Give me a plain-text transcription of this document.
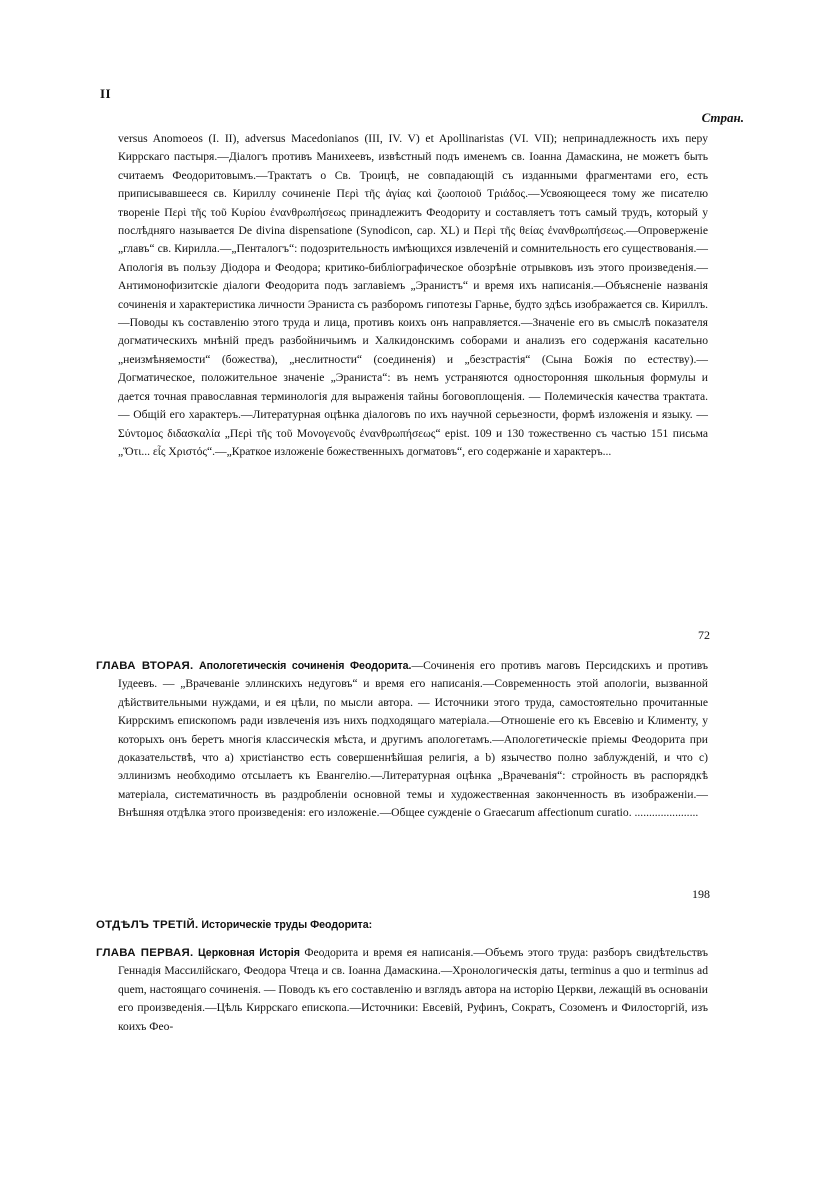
II
Стран.

versus Anomoeos (I. II), adversus Macedonianos (III, IV. V) et Apollinaristas (VI. VII); непринадлежность ихъ перу Киррскаго пастыря.—Діалогъ противъ Манихеевъ, извѣстный подъ именемъ св. Іоанна Дамаскина, не можетъ быть считаемъ Феодоритовымъ.—Трактатъ о Св. Троицѣ, не совпадающій съ изданными фрагментами его, есть приписывавшееся св. Кириллу сочиненіе Περὶ τῆς ἁγίας καὶ ζωοποιοῦ Τριάδος.—Усвояющееся тому же писателю твореніе Περὶ τῆς τοῦ Κυρίου ἐνανθρωπήσεως принадлежитъ Феодориту и составляетъ тотъ самый трудъ, который у послѣдняго называется De divina dispensatione (Synodicon, cap. XL) и Περὶ τῆς θείας ἐνανθρωπήσεως.—Опроверженіе „главъ“ св. Кирилла.—„Пенталогъ“: подозрительность имѣющихся извлеченій и сомнительность его существованія.—Апологія въ пользу Діодора и Феодора; критико-библіографическое обозрѣніе отрывковъ изъ этого произведенія.—Антимонофизитскіе діалоги Феодорита подъ заглавіемъ „Эранистъ“ и время ихъ написанія.—Объясненіе названія сочиненія и характеристика личности Эраниста съ разборомъ гипотезы Гарнье, будто здѣсь изображается св. Кириллъ.—Поводы къ составленію этого труда и лица, противъ коихъ онъ направляется.—Значеніе его въ смыслѣ показателя догматическихъ мнѣній предъ разбойничьимъ и Халкидонскимъ соборами и анализъ его содержанія касательно „неизмѣняемости“ (божества), „неслитности“ (соединенія) и „безстрастія“ (Сына Божія по естеству).—Догматическое, положительное значеніе „Эраниста“: въ немъ устраняются односторонняя школьныя формулы и дается точная православная терминологія для выраженія тайны боговоплощенія. — Полемическія качества трактата. — Общій его характеръ.—Литературная оцѣнка діалоговъ по ихъ научной серьезности, формѣ изложенія и языку. — Σύντομος διδασκαλία „Περὶ τῆς τοῦ Μονογενοῦς ἐνανθρωπήσεως“ epist. 109 и 130 тожественно съ частью 151 письма „Ὅτι... εἷς Χριστός“.—„Краткое изложеніе божественныхъ догматовъ“, его содержаніе и характеръ...

72

ГЛАВА ВТОРАЯ. Апологетическія сочиненія Феодорита.—Сочиненія его противъ маговъ Персидскихъ и противъ Іудеевъ. — „Врачеваніе эллинскихъ недуговъ“ и время его написанія.—Современность этой апологіи, вызванной дѣйствительными нуждами, и ея цѣли, по мысли автора. — Источники этого труда, самостоятельно прочитанные Киррскимъ епископомъ ради извлеченія изъ нихъ подходящаго матеріала.—Отношеніе его къ Евсевію и Клименту, у которыхъ онъ беретъ многія классическія мѣста, и другимъ апологетамъ.—Апологетическіе пріемы Феодорита при доказательствѣ, что a) христіанство есть совершеннѣйшая религія, а b) язычество полно заблужденій, и что c) эллинизмъ необходимо отсылаетъ къ Евангелію.—Литературная оцѣнка „Врачеванія“: стройность въ распорядкѣ матеріала, систематичность въ раздробленіи основной темы и художественная законченность въ изображеніи.—Внѣшняя отдѣлка этого произведенія: его изложеніе.—Общее сужденіе о Graecarum affectionum curatio. ......................

198

ОТДѢЛЪ ТРЕТІЙ. Историческіе труды Феодорита:

ГЛАВА ПЕРВАЯ. Церковная Исторія Феодорита и время ея написанія.—Объемъ этого труда: разборъ свидѣтельствъ Геннадія Массилійскаго, Феодора Чтеца и св. Іоанна Дамаскина.—Хронологическія даты, terminus a quo и terminus ad quem, настоящаго сочиненія. — Поводъ къ его составленію и взглядъ автора на исторію Церкви, лежащій въ основаніи его произведенія.—Цѣль Киррскаго епископа.—Источники: Евсевій, Руфинъ, Сократъ, Созоменъ и Филосторгій, изъ коихъ Фео-
